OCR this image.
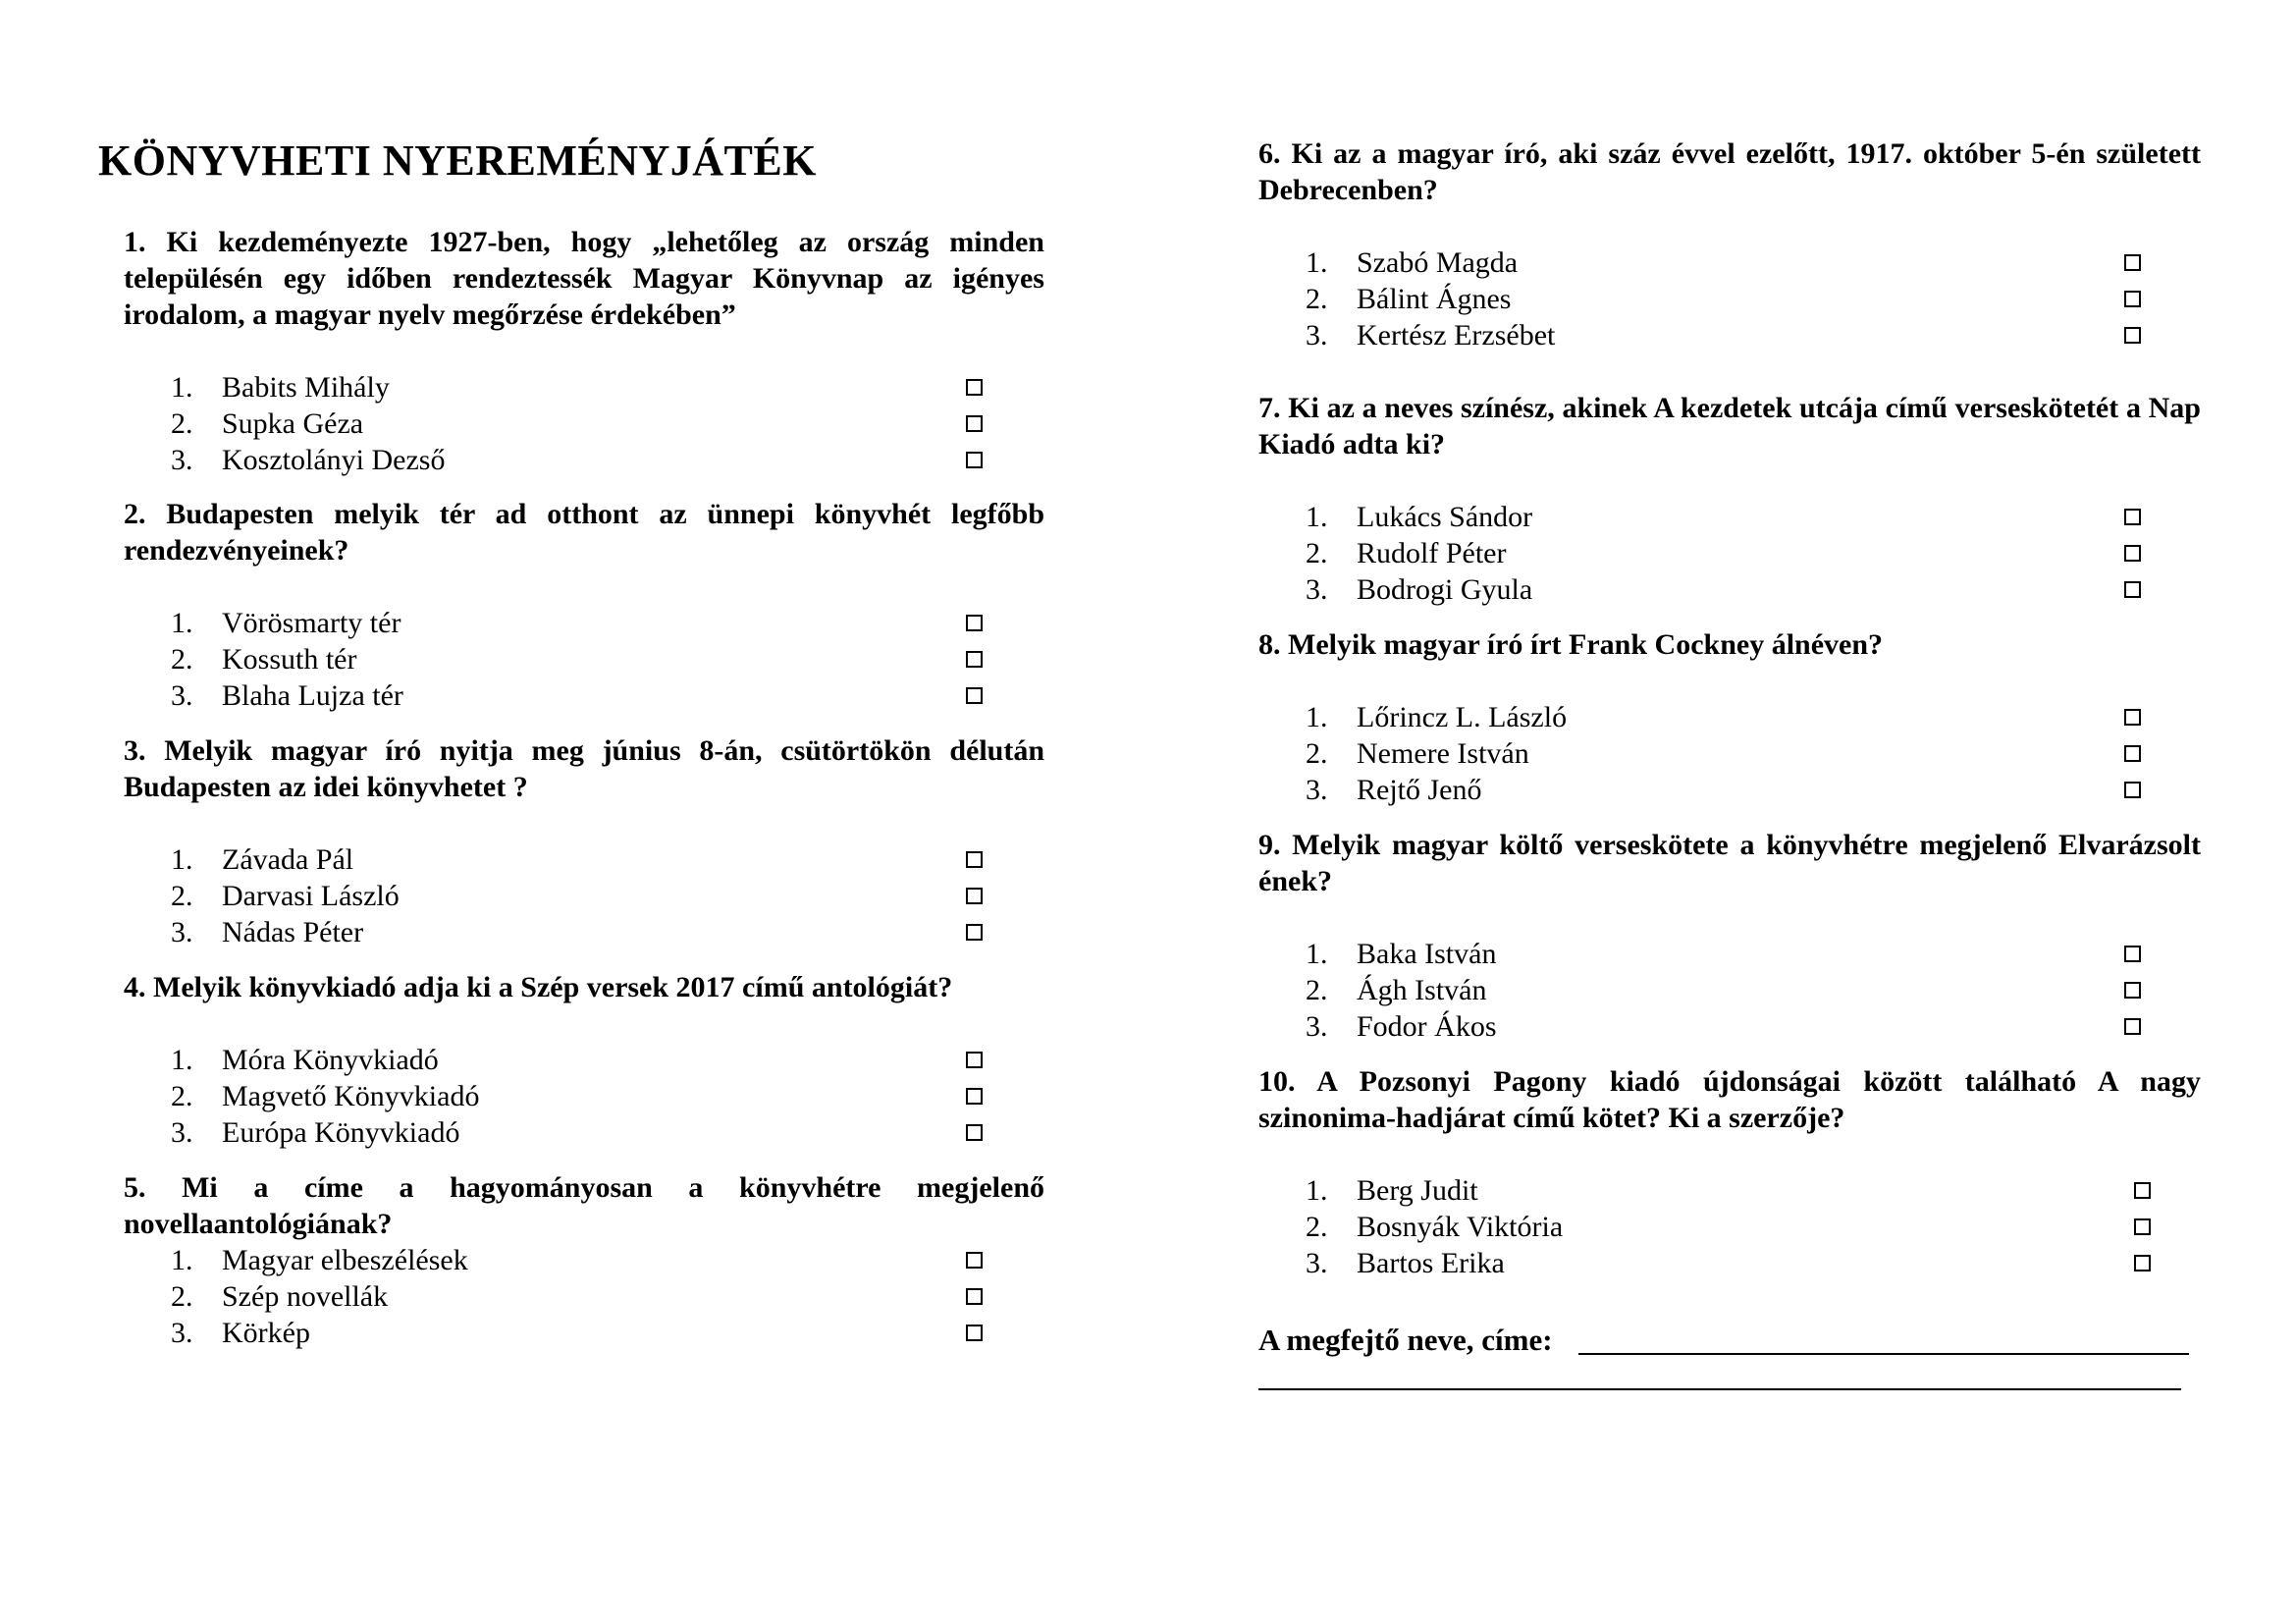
KÖNYVHETI NYEREMÉNYJÁTÉK
1. Ki kezdeményezte 1927-ben, hogy „lehetőleg az ország minden településén egy időben rendeztessék Magyar Könyvnap az igényes irodalom, a magyar nyelv megőrzése érdekében”
1. Babits Mihály
2. Supka Géza
3. Kosztolányi Dezső
2. Budapesten melyik tér ad otthont az ünnepi könyvhét legfőbb rendezvényeinek?
1. Vörösmarty tér
2. Kossuth tér
3. Blaha Lujza tér
3. Melyik magyar író nyitja meg június 8-án, csütörtökön délután Budapesten az idei könyvhetet ?
1. Závada Pál
2. Darvasi László
3. Nádas Péter
4. Melyik könyvkiadó adja ki a Szép versek 2017 című antológiát?
1. Móra Könyvkiadó
2. Magvető Könyvkiadó
3. Európa Könyvkiadó
5. Mi a címe a hagyományosan a könyvhétre megjelenő novellaantológiának?
1. Magyar elbeszélések
2. Szép novellák
3. Körkép
6. Ki az a magyar író, aki száz évvel ezelőtt, 1917. október 5-én született Debrecenben?
1. Szabó Magda
2. Bálint Ágnes
3. Kertész Erzsébet
7. Ki az a neves színész, akinek A kezdetek utcája című verseskötetét a Nap Kiadó adta ki?
1. Lukács Sándor
2. Rudolf Péter
3. Bodrogi Gyula
8. Melyik magyar író írt Frank Cockney álnéven?
1. Lőrincz L. László
2. Nemere István
3. Rejtő Jenő
9. Melyik magyar költő verseskötete a könyvhétre megjelenő Elvarázsolt ének?
1. Baka István
2. Ágh István
3. Fodor Ákos
10. A Pozsonyi Pagony kiadó újdonságai között található A nagy szinonima-hadjárat című kötet? Ki a szerzője?
1. Berg Judit
2. Bosnyák Viktória
3. Bartos Erika
A megfejtő neve, címe:
